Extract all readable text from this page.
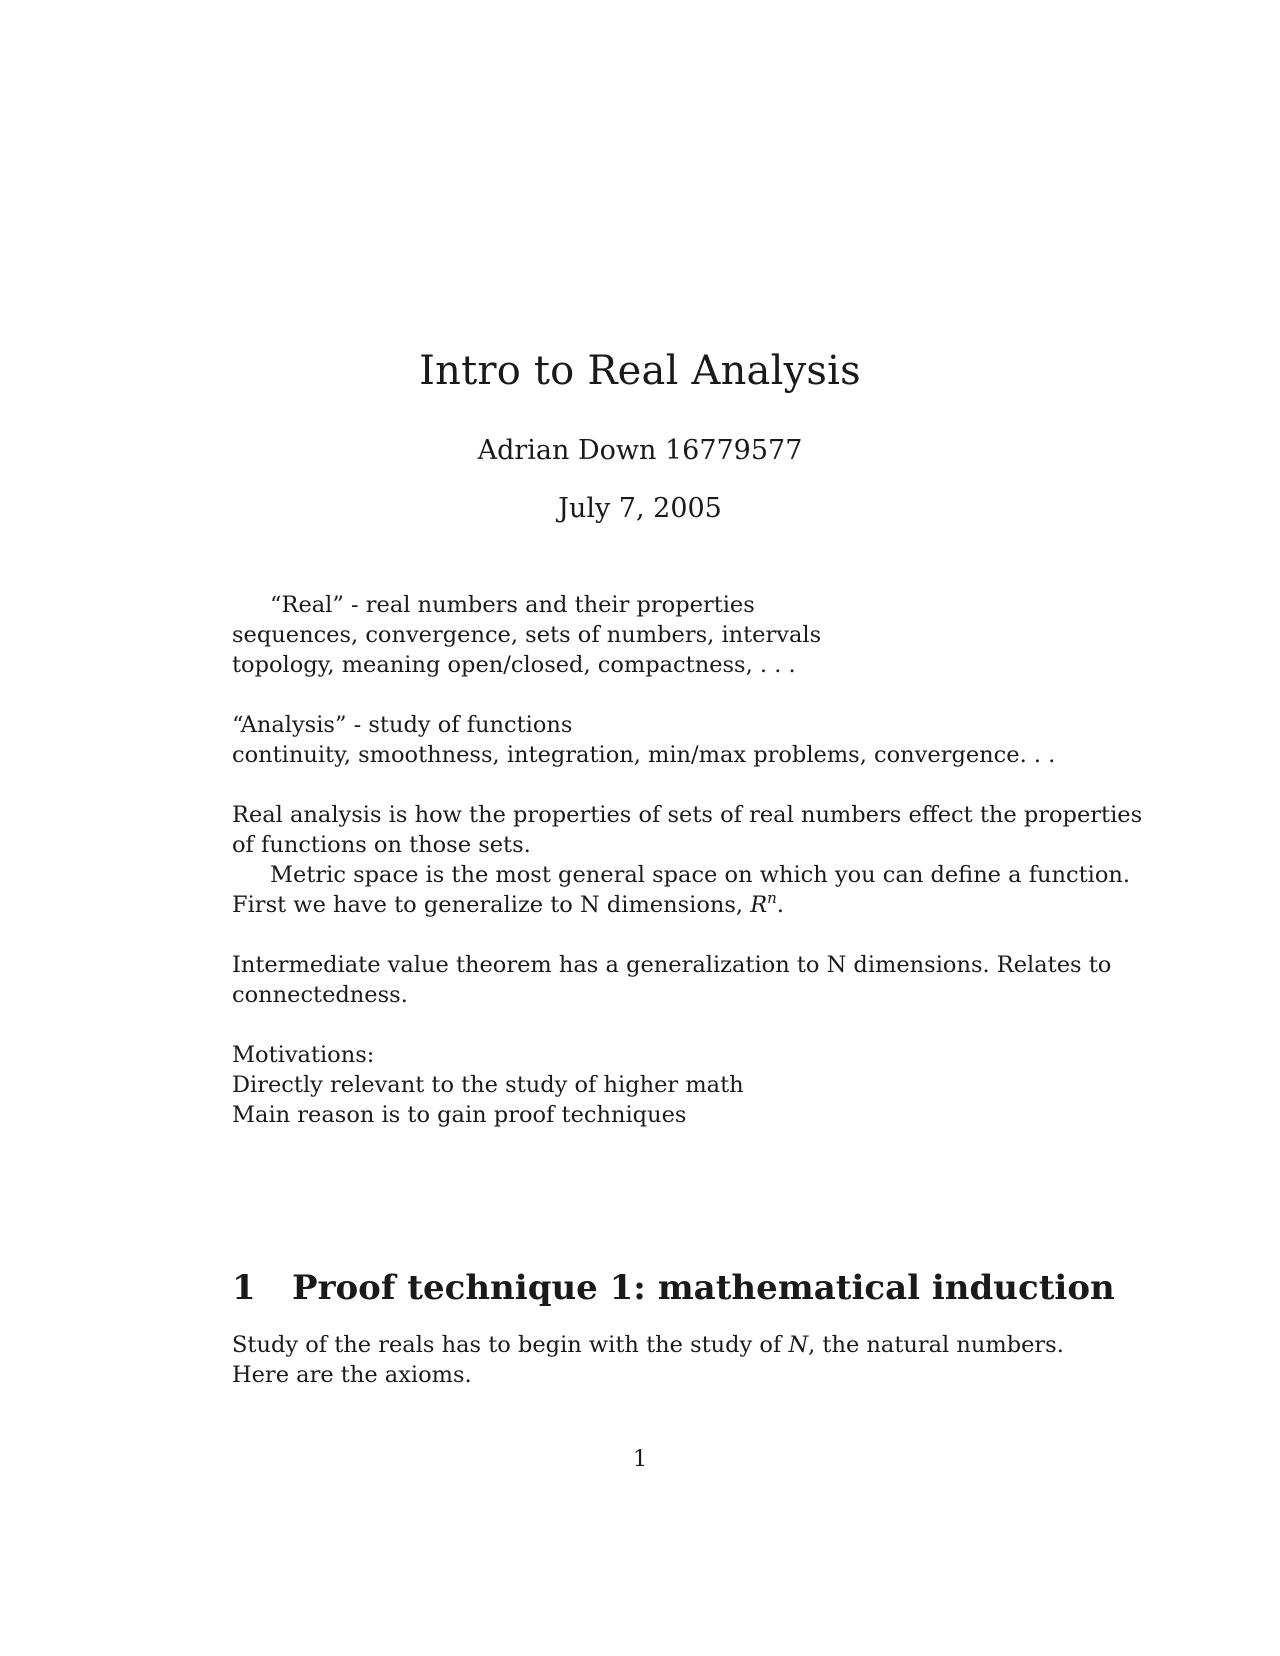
Intro to Real Analysis
Adrian Down 16779577
July 7, 2005
“Real” - real numbers and their properties
sequences, convergence, sets of numbers, intervals
topology, meaning open/closed, compactness, . . .
“Analysis” - study of functions
continuity, smoothness, integration, min/max problems, convergence. . .
Real analysis is how the properties of sets of real numbers effect the properties
of functions on those sets.
Metric space is the most general space on which you can define a function.
First we have to generalize to N dimensions, $R^n$.
Intermediate value theorem has a generalization to N dimensions. Relates to
connectedness.
Motivations:
Directly relevant to the study of higher math
Main reason is to gain proof techniques
1 Proof technique 1: mathematical induction
Study of the reals has to begin with the study of N, the natural numbers.
Here are the axioms.
1
